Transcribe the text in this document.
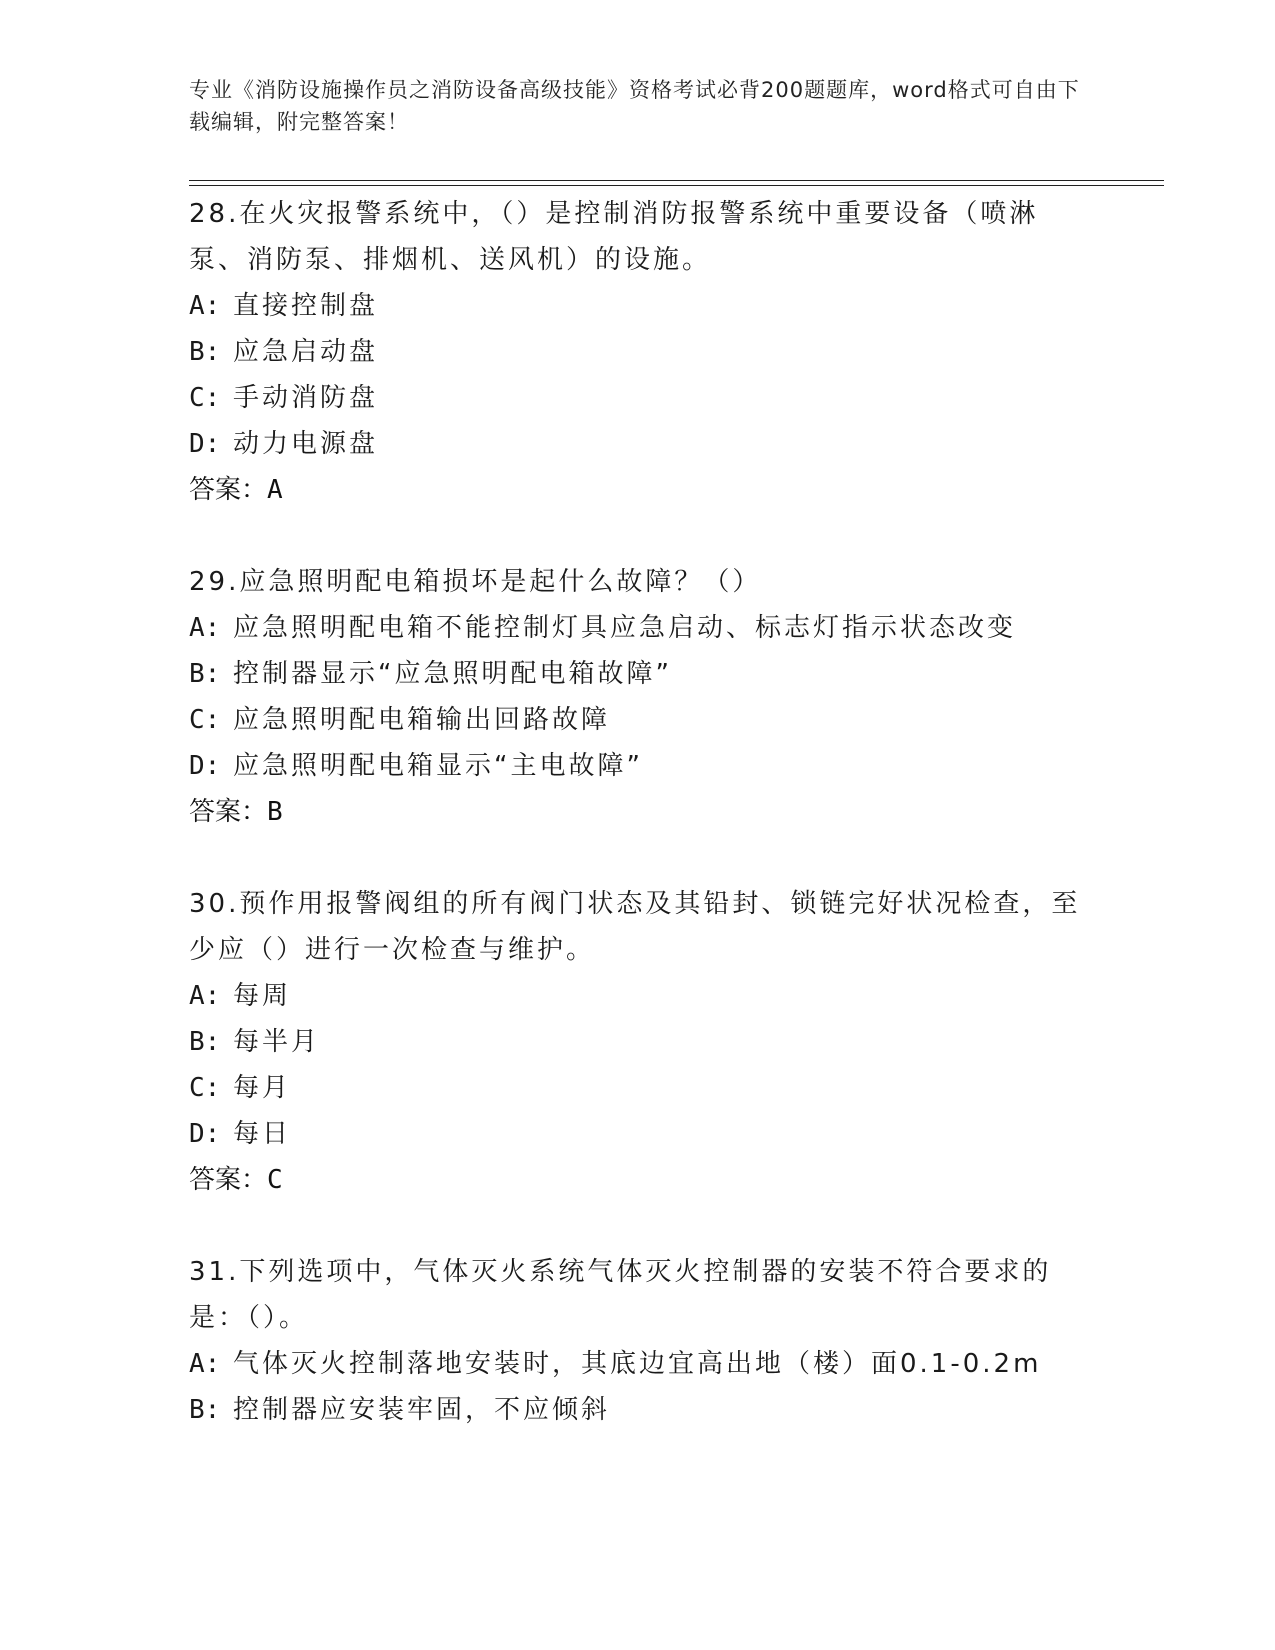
专业《消防设施操作员之消防设备高级技能》资格考试必背200题题库，word格式可自由下载编辑，附完整答案！
28.在火灾报警系统中，（）是控制消防报警系统中重要设备（喷淋泵、消防泵、排烟机、送风机）的设施。
A: 直接控制盘
B: 应急启动盘
C: 手动消防盘
D: 动力电源盘
答案：A
29.应急照明配电箱损坏是起什么故障？（）
A: 应急照明配电箱不能控制灯具应急启动、标志灯指示状态改变
B: 控制器显示“应急照明配电箱故障”
C: 应急照明配电箱输出回路故障
D: 应急照明配电箱显示“主电故障”
答案：B
30.预作用报警阀组的所有阀门状态及其铅封、锁链完好状况检查，至少应（）进行一次检查与维护。
A: 每周
B: 每半月
C: 每月
D: 每日
答案：C
31.下列选项中，气体灭火系统气体灭火控制器的安装不符合要求的是：（）。
A: 气体灭火控制落地安装时，其底边宜高出地（楼）面0.1-0.2m
B: 控制器应安装牢固，不应倾斜
